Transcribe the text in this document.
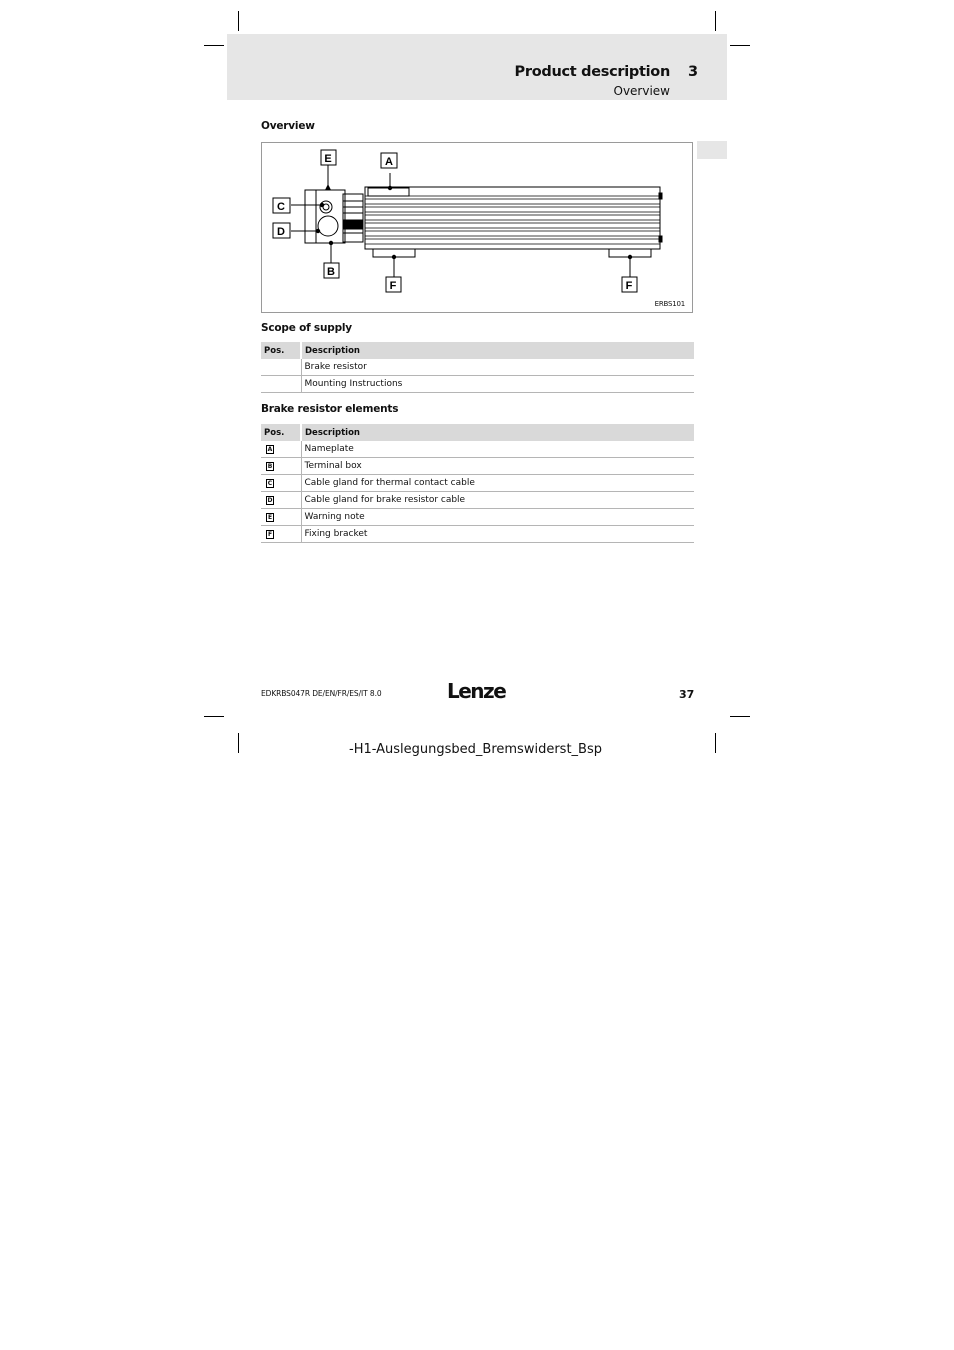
Product description 3
Overview
Overview
A
E
C
D
B
F	F
ERBS101
Scope of supply
Pos.	Description
	Brake resistor
	Mounting Instructions
Brake resistor elements
Pos.	Description
A	Nameplate
B	Terminal box
C	Cable gland for thermal contact cable
D	Cable gland for brake resistor cable
E	Warning note
F	Fixing bracket
EDKRBS047R DE/EN/FR/ES/IT 8.0	Lenze	37
-H1-Auslegungsbed_Bremswiderst_Bsp
